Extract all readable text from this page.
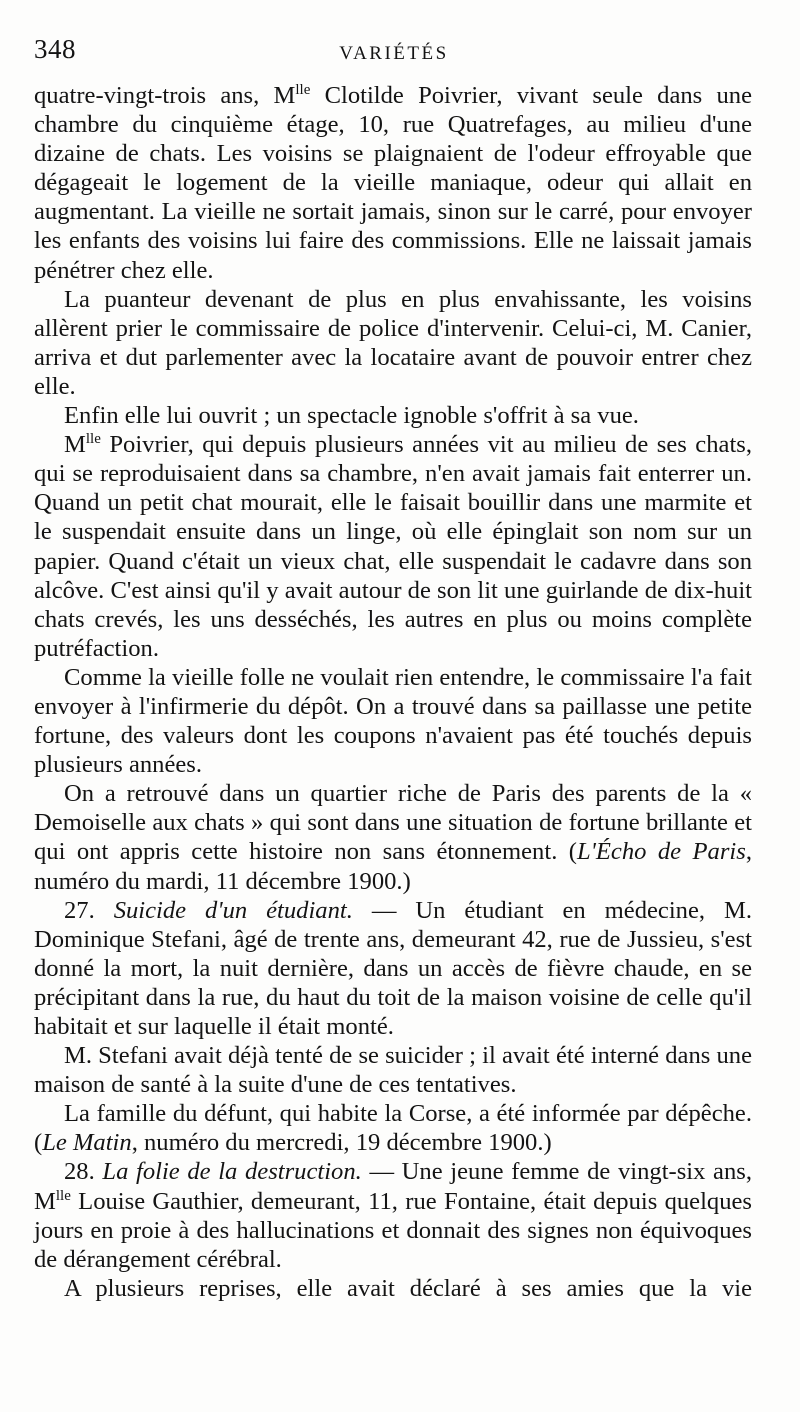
348	VARIÉTÉS

quatre-vingt-trois ans, $M^{lle}$ Clotilde Poivrier, vivant seule dans une chambre du cinquième étage, 10, rue Quatrefages, au milieu d'une dizaine de chats. Les voisins se plaignaient de l'odeur effroyable que dégageait le logement de la vieille maniaque, odeur qui allait en augmentant. La vieille ne sortait jamais, sinon sur le carré, pour envoyer les enfants des voisins lui faire des commissions. Elle ne laissait jamais pénétrer chez elle.

La puanteur devenant de plus en plus envahissante, les voisins allèrent prier le commissaire de police d'intervenir. Celui-ci, M. Canier, arriva et dut parlementer avec la locataire avant de pouvoir entrer chez elle.

Enfin elle lui ouvrit ; un spectacle ignoble s'offrit à sa vue.

$M^{lle}$ Poivrier, qui depuis plusieurs années vit au milieu de ses chats, qui se reproduisaient dans sa chambre, n'en avait jamais fait enterrer un. Quand un petit chat mourait, elle le faisait bouillir dans une marmite et le suspendait ensuite dans un linge, où elle épinglait son nom sur un papier. Quand c'était un vieux chat, elle suspendait le cadavre dans son alcôve. C'est ainsi qu'il y avait autour de son lit une guirlande de dix-huit chats crevés, les uns desséchés, les autres en plus ou moins complète putréfaction.

Comme la vieille folle ne voulait rien entendre, le commissaire l'a fait envoyer à l'infirmerie du dépôt. On a trouvé dans sa paillasse une petite fortune, des valeurs dont les coupons n'avaient pas été touchés depuis plusieurs années.

On a retrouvé dans un quartier riche de Paris des parents de la « Demoiselle aux chats » qui sont dans une situation de fortune brillante et qui ont appris cette histoire non sans étonnement. (L'Écho de Paris, numéro du mardi, 11 décembre 1900.)

27. Suicide d'un étudiant. — Un étudiant en médecine, M. Dominique Stefani, âgé de trente ans, demeurant 42, rue de Jussieu, s'est donné la mort, la nuit dernière, dans un accès de fièvre chaude, en se précipitant dans la rue, du haut du toit de la maison voisine de celle qu'il habitait et sur laquelle il était monté.

M. Stefani avait déjà tenté de se suicider ; il avait été interné dans une maison de santé à la suite d'une de ces tentatives.

La famille du défunt, qui habite la Corse, a été informée par dépêche. (Le Matin, numéro du mercredi, 19 décembre 1900.)

28. La folie de la destruction. — Une jeune femme de vingt-six ans, $M^{lle}$ Louise Gauthier, demeurant, 11, rue Fontaine, était depuis quelques jours en proie à des hallucinations et donnait des signes non équivoques de dérangement cérébral.

A plusieurs reprises, elle avait déclaré à ses amies que la vie
